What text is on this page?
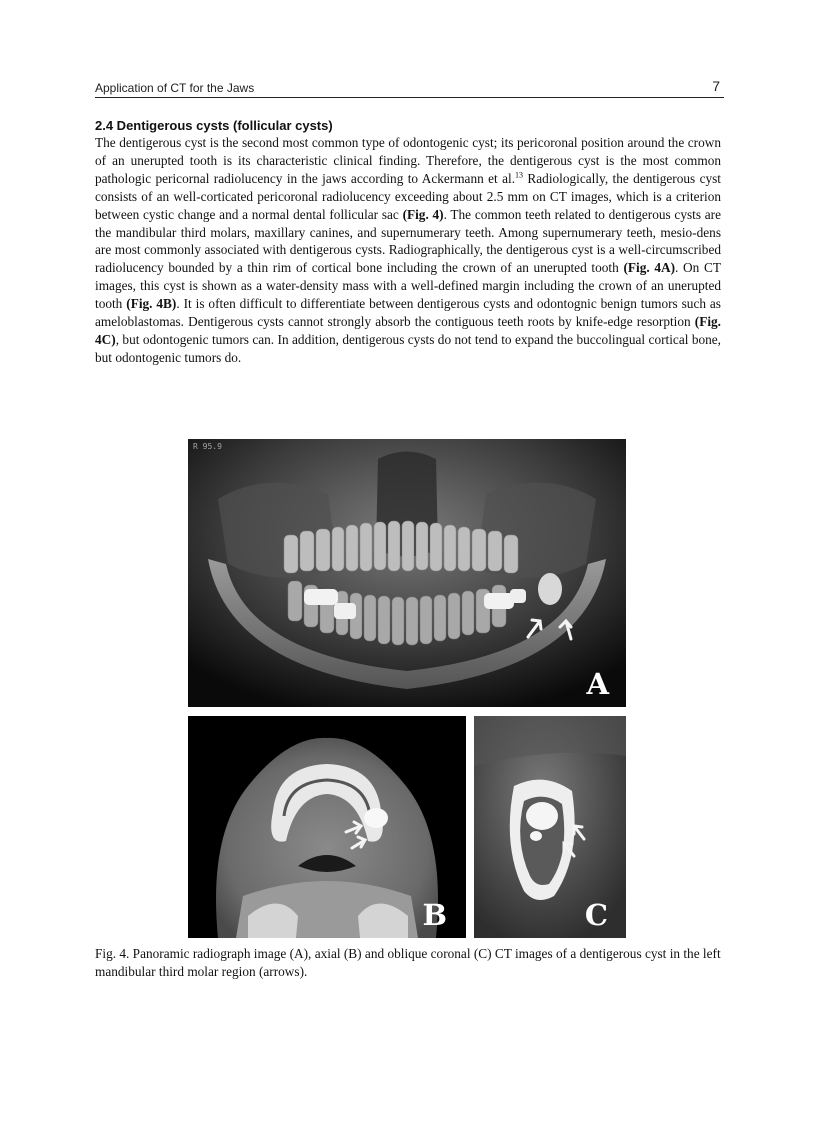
Application of CT for the Jaws	7
2.4 Dentigerous cysts (follicular cysts)

The dentigerous cyst is the second most common type of odontogenic cyst; its pericoronal position around the crown of an unerupted tooth is its characteristic clinical finding. Therefore, the dentigerous cyst is the most common pathologic pericornal radiolucency in the jaws according to Ackermann et al.$^{13}$ Radiologically, the dentigerous cyst consists of an well-corticated pericoronal radiolucency exceeding about 2.5 mm on CT images, which is a criterion between cystic change and a normal dental follicular sac (Fig. 4). The common teeth related to dentigerous cysts are the mandibular third molars, maxillary canines, and supernumerary teeth. Among supernumerary teeth, mesio-dens are most commonly associated with dentigerous cysts. Radiographically, the dentigerous cyst is a well-circumscribed radiolucency bounded by a thin rim of cortical bone including the crown of an unerupted tooth (Fig. 4A). On CT images, this cyst is shown as a water-density mass with a well-defined margin including the crown of an unerupted tooth (Fig. 4B). It is often difficult to differentiate between dentigerous cysts and odontognic benign tumors such as ameloblastomas. Dentigerous cysts cannot strongly absorb the contiguous teeth roots by knife-edge resorption (Fig. 4C), but odontogenic tumors can. In addition, dentigerous cysts do not tend to expand the buccolingual cortical bone, but odontogenic tumors do.

R 95.9
A
B	C

Fig. 4. Panoramic radiograph image (A), axial (B) and oblique coronal (C) CT images of a dentigerous cyst in the left mandibular third molar region (arrows).
